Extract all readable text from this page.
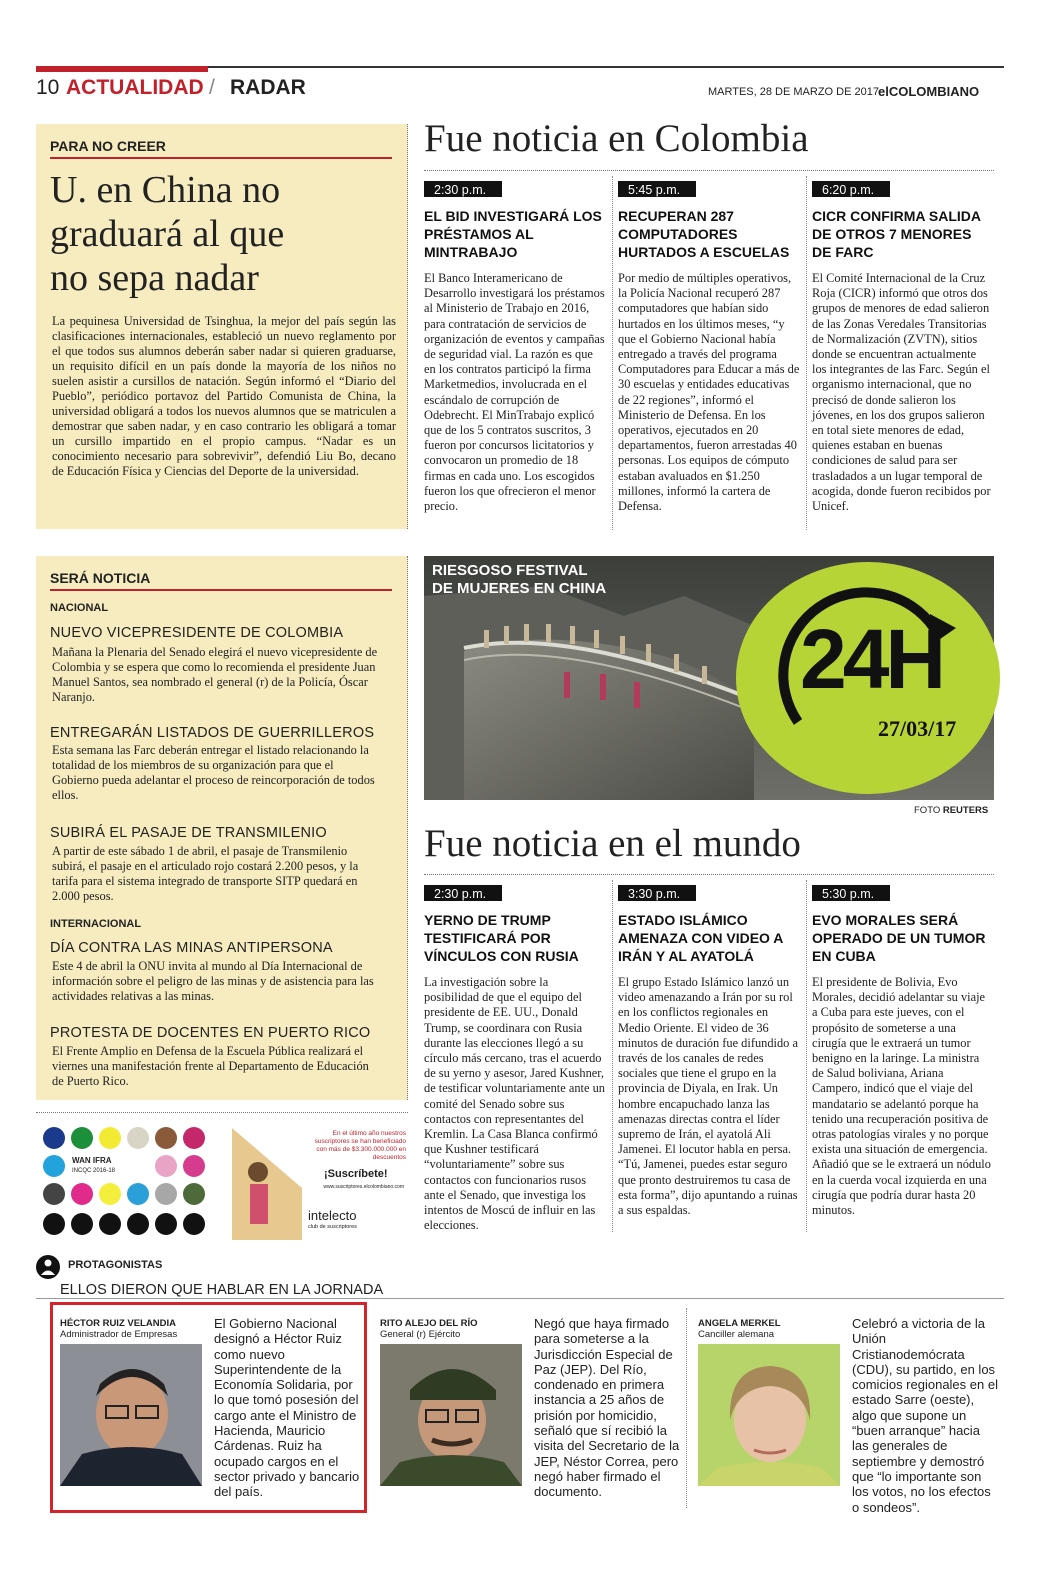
10 ACTUALIDAD / RADAR	MARTES, 28 DE MARZO DE 2017 elCOLOMBIANO
PARA NO CREER
U. en China no
graduará al que
no sepa nadar
La pequinesa Universidad de Tsinghua, la mejor del país según las clasificaciones internacionales, estableció un nuevo reglamento por el que todos sus alumnos deberán saber nadar si quieren graduarse, un requisito difícil en un país donde la mayoría de los niños no suelen asistir a cursillos de natación. Según informó el “Diario del Pueblo”, periódico portavoz del Partido Comunista de China, la universidad obligará a todos los nuevos alumnos que se matriculen a demostrar que saben nadar, y en caso contrario les obligará a tomar un cursillo impartido en el propio campus. “Nadar es un conocimiento necesario para sobrevivir”, defendió Liu Bo, decano de Educación Física y Ciencias del Deporte de la universidad.
SERÁ NOTICIA
NACIONAL
NUEVO VICEPRESIDENTE DE COLOMBIA
Mañana la Plenaria del Senado elegirá el nuevo vicepresidente de Colombia y se espera que como lo recomienda el presidente Juan Manuel Santos, sea nombrado el general (r) de la Policía, Óscar Naranjo.
ENTREGARÁN LISTADOS DE GUERRILLEROS
Esta semana las Farc deberán entregar el listado relacionando la totalidad de los miembros de su organización para que el Gobierno pueda adelantar el proceso de reincorporación de todos ellos.
SUBIRÁ EL PASAJE DE TRANSMILENIO
A partir de este sábado 1 de abril, el pasaje de Transmilenio subirá, el pasaje en el articulado rojo costará 2.200 pesos, y la tarifa para el sistema integrado de transporte SITP quedará en 2.000 pesos.
INTERNACIONAL
DÍA CONTRA LAS MINAS ANTIPERSONA
Este 4 de abril la ONU invita al mundo al Día Internacional de información sobre el peligro de las minas y de asistencia para las actividades relativas a las minas.
PROTESTA DE DOCENTES EN PUERTO RICO
El Frente Amplio en Defensa de la Escuela Pública realizará el viernes una manifestación frente al Departamento de Educación de Puerto Rico.
Fue noticia en Colombia
2:30 p.m.
EL BID INVESTIGARÁ LOS PRÉSTAMOS AL MINTRABAJO
El Banco Interamericano de Desarrollo investigará los préstamos al Ministerio de Trabajo en 2016, para contratación de servicios de organización de eventos y campañas de seguridad vial. La razón es que en los contratos participó la firma Marketmedios, involucrada en el escándalo de corrupción de Odebrecht. El MinTrabajo explicó que de los 5 contratos suscritos, 3 fueron por concursos licitatorios y convocaron un promedio de 18 firmas en cada uno. Los escogidos fueron los que ofrecieron el menor precio.
5:45 p.m.
RECUPERAN 287 COMPUTADORES HURTADOS A ESCUELAS
Por medio de múltiples operativos, la Policía Nacional recuperó 287 computadores que habían sido hurtados en los últimos meses, “y que el Gobierno Nacional había entregado a través del programa Computadores para Educar a más de 30 escuelas y entidades educativas de 22 regiones”, informó el Ministerio de Defensa. En los operativos, ejecutados en 20 departamentos, fueron arrestadas 40 personas. Los equipos de cómputo estaban avaluados en $1.250 millones, informó la cartera de Defensa.
6:20 p.m.
CICR CONFIRMA SALIDA DE OTROS 7 MENORES DE FARC
El Comité Internacional de la Cruz Roja (CICR) informó que otros dos grupos de menores de edad salieron de las Zonas Veredales Transitorias de Normalización (ZVTN), sitios donde se encuentran actualmente los integrantes de las Farc. Según el organismo internacional, que no precisó de donde salieron los jóvenes, en los dos grupos salieron en total siete menores de edad, quienes estaban en buenas condiciones de salud para ser trasladados a un lugar temporal de acogida, donde fueron recibidos por Unicef.
RIESGOSO FESTIVAL DE MUJERES EN CHINA
24H
27/03/17
FOTO REUTERS
Fue noticia en el mundo
2:30 p.m.
YERNO DE TRUMP TESTIFICARÁ POR VÍNCULOS CON RUSIA
La investigación sobre la posibilidad de que el equipo del presidente de EE. UU., Donald Trump, se coordinara con Rusia durante las elecciones llegó a su círculo más cercano, tras el acuerdo de su yerno y asesor, Jared Kushner, de testificar voluntariamente ante un comité del Senado sobre sus contactos con representantes del Kremlin. La Casa Blanca confirmó que Kushner testificará “voluntariamente” sobre sus contactos con funcionarios rusos ante el Senado, que investiga los intentos de Moscú de influir en las elecciones.
3:30 p.m.
ESTADO ISLÁMICO AMENAZA CON VIDEO A IRÁN Y AL AYATOLÁ
El grupo Estado Islámico lanzó un video amenazando a Irán por su rol en los conflictos regionales en Medio Oriente. El video de 36 minutos de duración fue difundido a través de los canales de redes sociales que tiene el grupo en la provincia de Diyala, en Irak. Un hombre encapuchado lanza las amenazas directas contra el líder supremo de Irán, el ayatolá Ali Jamenei. El locutor habla en persa. “Tú, Jamenei, puedes estar seguro que pronto destruiremos tu casa de esta forma”, dijo apuntando a ruinas a sus espaldas.
5:30 p.m.
EVO MORALES SERÁ OPERADO DE UN TUMOR EN CUBA
El presidente de Bolivia, Evo Morales, decidió adelantar su viaje a Cuba para este jueves, con el propósito de someterse a una cirugía que le extraerá un tumor benigno en la laringe. La ministra de Salud boliviana, Ariana Campero, indicó que el viaje del mandatario se adelantó porque ha tenido una recuperación positiva de otras patologías virales y no porque exista una situación de emergencia. Añadió que se le extraerá un nódulo en la cuerda vocal izquierda en una cirugía que podría durar hasta 20 minutos.
WAN IFRA
INCQC 2016-18
En el último año nuestros suscriptores se han beneficiado con más de $3.300.000.000 en descuentos
¡Suscríbete!
www.suscriptores.elcolombiano.com
intelecto
club de suscriptores
PROTAGONISTAS
ELLOS DIERON QUE HABLAR EN LA JORNADA
HÉCTOR RUIZ VELANDIA
Administrador de Empresas
El Gobierno Nacional designó a Héctor Ruiz como nuevo Superintendente de la Economía Solidaria, por lo que tomó posesión del cargo ante el Ministro de Hacienda, Mauricio Cárdenas. Ruiz ha ocupado cargos en el sector privado y bancario del país.
RITO ALEJO DEL RÍO
General (r) Ejército
Negó que haya firmado para someterse a la Jurisdicción Especial de Paz (JEP). Del Río, condenado en primera instancia a 25 años de prisión por homicidio, señaló que sí recibió la visita del Secretario de la JEP, Néstor Correa, pero negó haber firmado el documento.
ANGELA MERKEL
Canciller alemana
Celebró a victoria de la Unión Cristianodemócrata (CDU), su partido, en los comicios regionales en el estado Sarre (oeste), algo que supone un “buen arranque” hacia las generales de septiembre y demostró que “lo importante son los votos, no los efectos o sondeos”.
